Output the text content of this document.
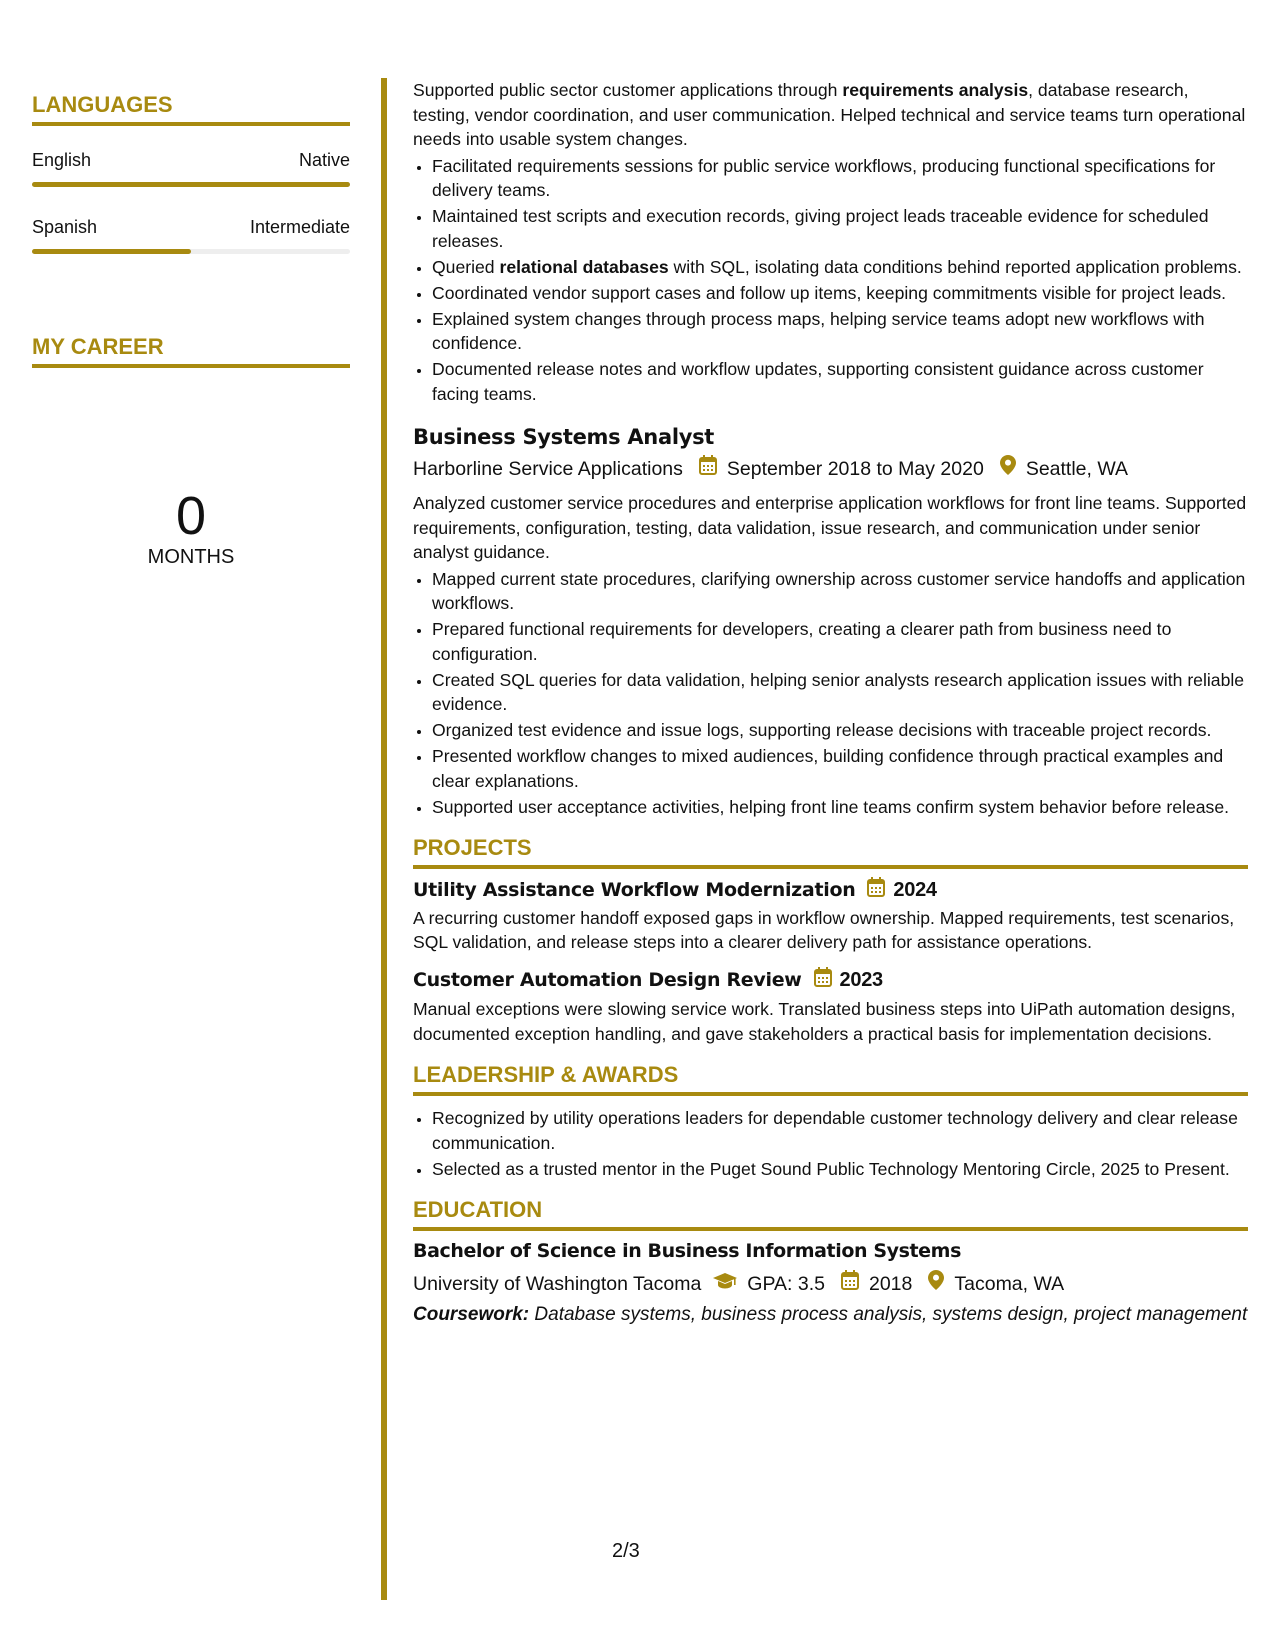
LANGUAGES
English	Native
Spanish	Intermediate
MY CAREER
0
MONTHS

Supported public sector customer applications through requirements analysis, database research, testing, vendor coordination, and user communication. Helped technical and service teams turn operational needs into usable system changes.

• Facilitated requirements sessions for public service workflows, producing functional specifications for delivery teams.
• Maintained test scripts and execution records, giving project leads traceable evidence for scheduled releases.
• Queried relational databases with SQL, isolating data conditions behind reported application problems.
• Coordinated vendor support cases and follow up items, keeping commitments visible for project leads.
• Explained system changes through process maps, helping service teams adopt new workflows with confidence.
• Documented release notes and workflow updates, supporting consistent guidance across customer facing teams.
Business Systems Analyst
Harborline Service Applications September 2018 to May 2020 Seattle, WA

Analyzed customer service procedures and enterprise application workflows for front line teams. Supported requirements, configuration, testing, data validation, issue research, and communication under senior analyst guidance.

• Mapped current state procedures, clarifying ownership across customer service handoffs and application workflows.
• Prepared functional requirements for developers, creating a clearer path from business need to configuration.
• Created SQL queries for data validation, helping senior analysts research application issues with reliable evidence.
• Organized test evidence and issue logs, supporting release decisions with traceable project records.
• Presented workflow changes to mixed audiences, building confidence through practical examples and clear explanations.
• Supported user acceptance activities, helping front line teams confirm system behavior before release.
PROJECTS
Utility Assistance Workflow Modernization 2024

A recurring customer handoff exposed gaps in workflow ownership. Mapped requirements, test scenarios, SQL validation, and release steps into a clearer delivery path for assistance operations.

Customer Automation Design Review 2023

Manual exceptions were slowing service work. Translated business steps into UiPath automation designs, documented exception handling, and gave stakeholders a practical basis for implementation decisions.

LEADERSHIP & AWARDS
• Recognized by utility operations leaders for dependable customer technology delivery and clear release communication.
• Selected as a trusted mentor in the Puget Sound Public Technology Mentoring Circle, 2025 to Present.
EDUCATION
Bachelor of Science in Business Information Systems
University of Washington Tacoma GPA: 3.5 2018 Tacoma, WA
Coursework: Database systems, business process analysis, systems design, project management
2/3
